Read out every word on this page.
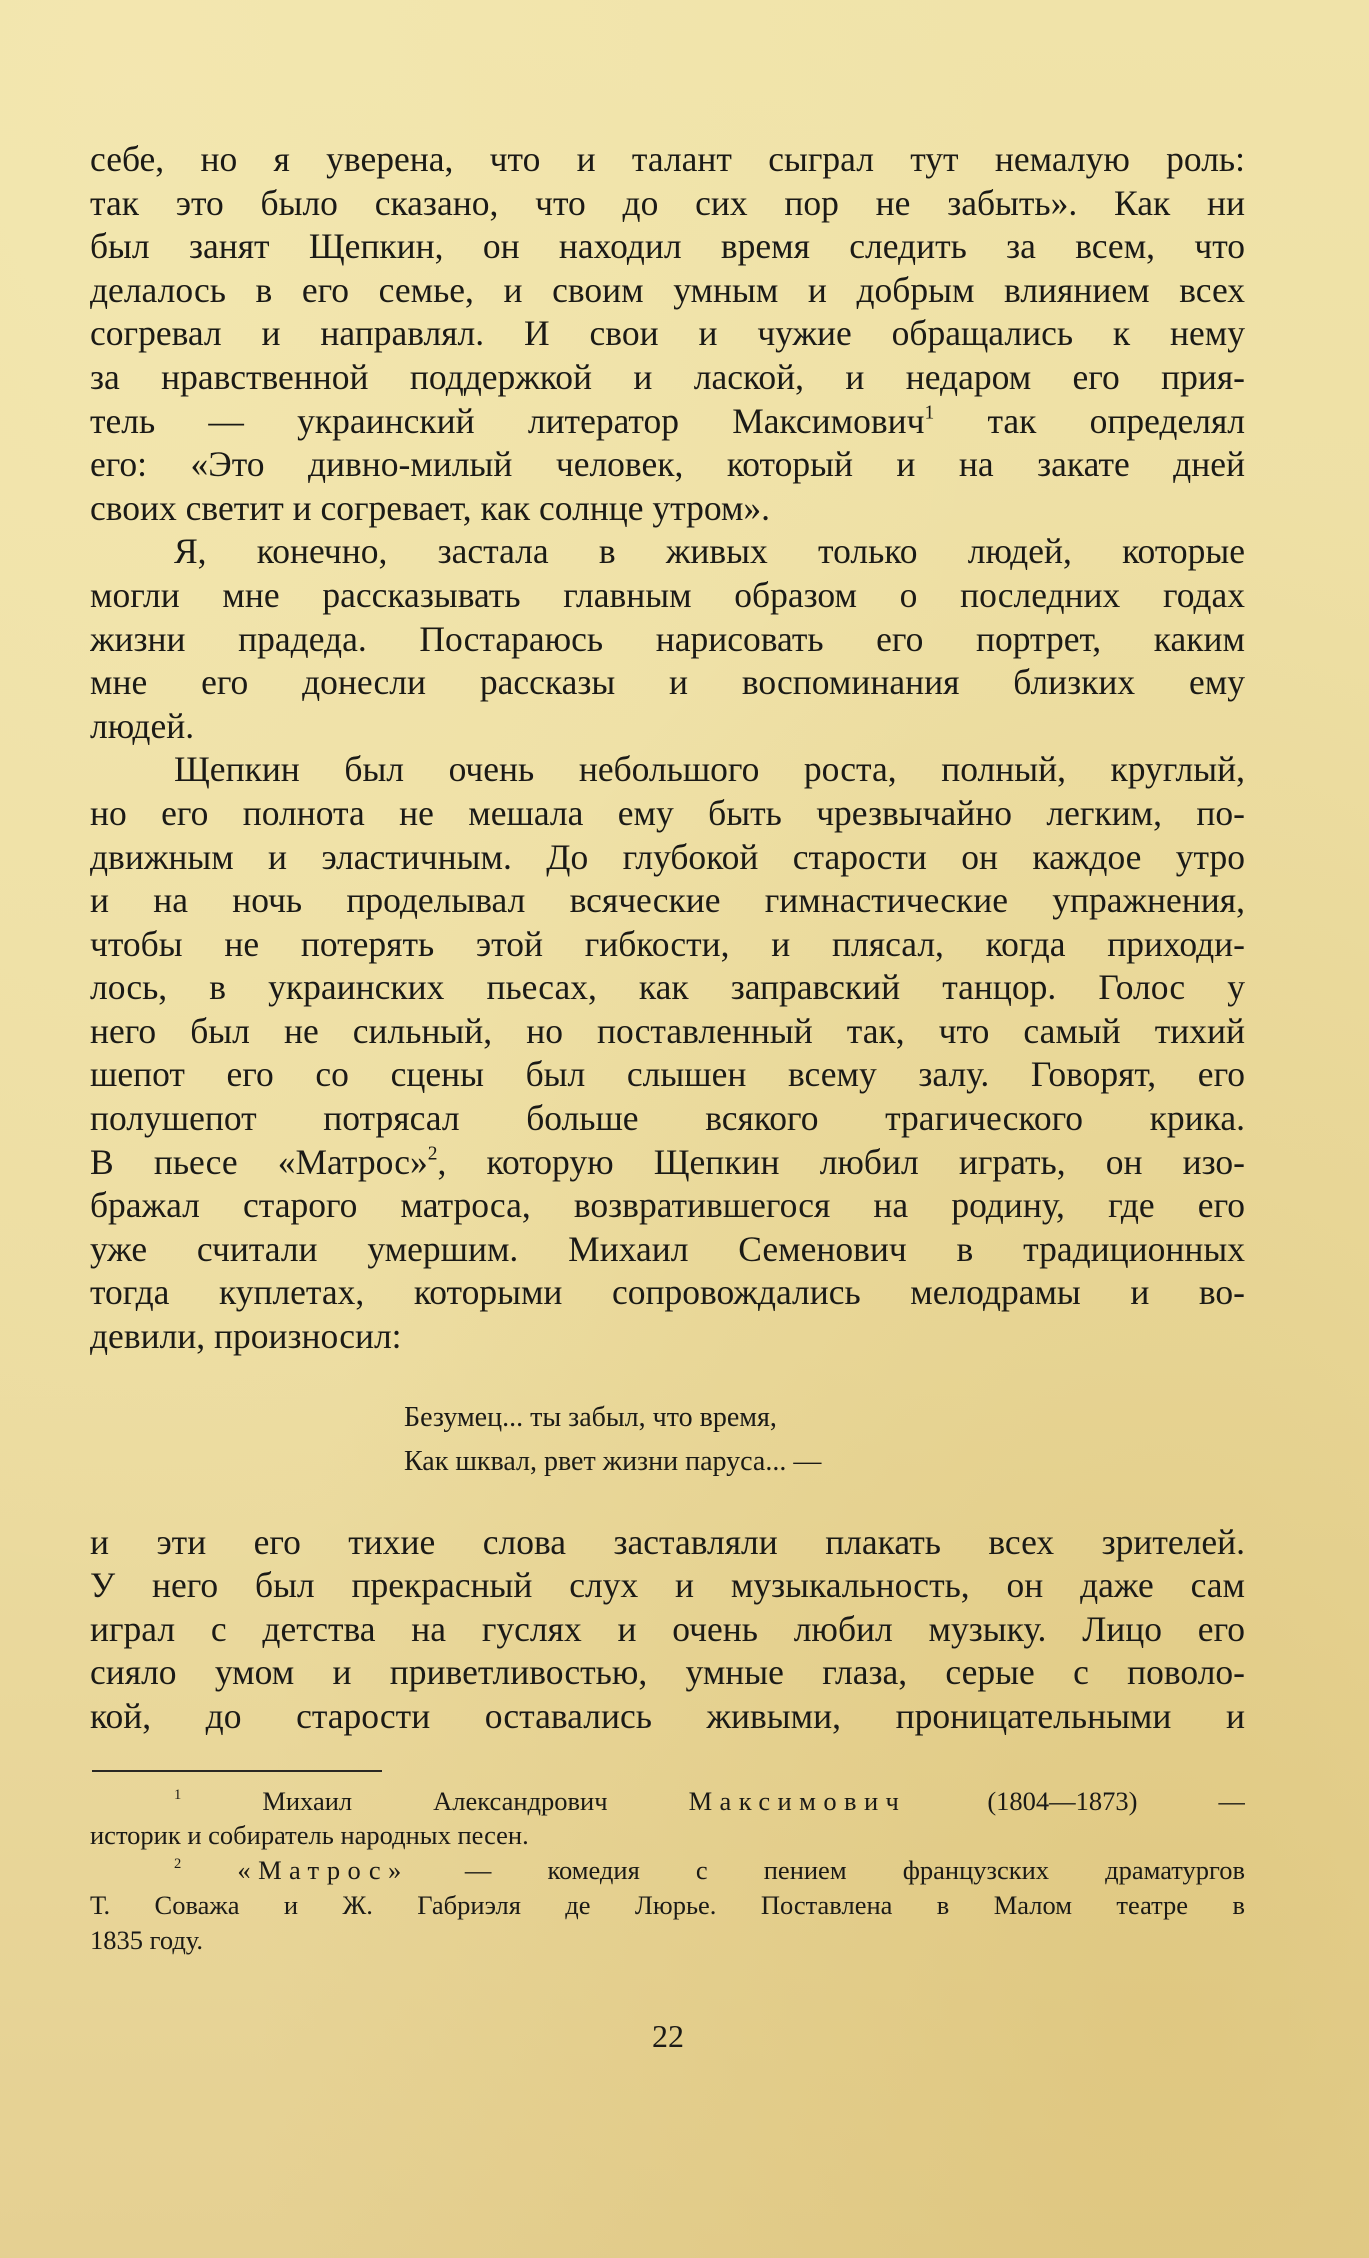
себе, но я уверена, что и талант сыграл тут немалую роль:
так это было сказано, что до сих пор не забыть». Как ни
был занят Щепкин, он находил время следить за всем, что
делалось в его семье, и своим умным и добрым влиянием всех
согревал и направлял. И свои и чужие обращались к нему
за нравственной поддержкой и лаской, и недаром его прия-
тель — украинский литератор Максимович$^1$ так определял
его: «Это дивно-милый человек, который и на закате дней
своих светит и согревает, как солнце утром».
Я, конечно, застала в живых только людей, которые
могли мне рассказывать главным образом о последних годах
жизни прадеда. Постараюсь нарисовать его портрет, каким
мне его донесли рассказы и воспоминания близких ему
людей.
Щепкин был очень небольшого роста, полный, круглый,
но его полнота не мешала ему быть чрезвычайно легким, по-
движным и эластичным. До глубокой старости он каждое утро
и на ночь проделывал всяческие гимнастические упражнения,
чтобы не потерять этой гибкости, и плясал, когда приходи-
лось, в украинских пьесах, как заправский танцор. Голос у
него был не сильный, но поставленный так, что самый тихий
шепот его со сцены был слышен всему залу. Говорят, его
полушепот потрясал больше всякого трагического крика.
В пьесе «Матрос»$^2$, которую Щепкин любил играть, он изо-
бражал старого матроса, возвратившегося на родину, где его
уже считали умершим. Михаил Семенович в традиционных
тогда куплетах, которыми сопровождались мелодрамы и во-
девили, произносил:
Безумец... ты забыл, что время,
Как шквал, рвет жизни паруса... —
и эти его тихие слова заставляли плакать всех зрителей.
У него был прекрасный слух и музыкальность, он даже сам
играл с детства на гуслях и очень любил музыку. Лицо его
сияло умом и приветливостью, умные глаза, серые с поволо-
кой, до старости оставались живыми, проницательными и
$^1$	Михаил Александрович	Максимович	(1804—1873) —
историк и собиратель народных песен.
$^2$ «Матрос» — комедия с пением французских драматургов
Т. Соважа и Ж. Габриэля де Люрье. Поставлена в Малом театре в
1835 году.
22
